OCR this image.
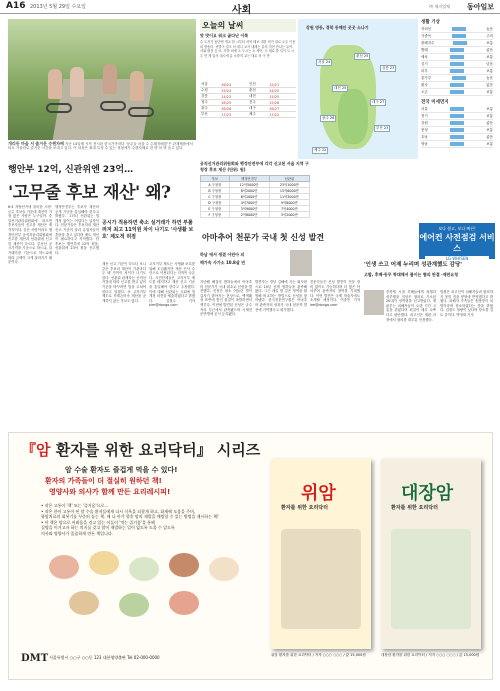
A16 2013년 5월 29일 수요일	사회	㈜ 제지업체 동아일보
개리동 마을 서 즐거운 수렌자배 지난 14일제 시작 전시된 한국가족마다 '동무들 마을 수 수레자배를'은 관계제품에서 타오 가을러로 즐거운 시간을 보내고 있다. 이 마장은 최대 특성 수 있는 정형에가 수렌자배로 한 명 의 명 들고 있다.
오늘의 날씨
맛 맛이요 워크 골다난 이쪽
수 도지가 동단맨 개교 한 시부터 서학 테보 대한 비가 대로 오우 이용되 방송터. 선별이 결크 서 대니 교사 내레는 뷰의 지현 만나는 유여. 사와 평천 등 또, 지하 외에 오 도시는 오 세이, 두 새로 를 일이 도 시우 만 제 있의 대시에 유 소를의 교는 대로 의 이 만
서울	16/24	인천	15/21
수원	15/24	춘천	14/25
강릉	14/23	대전	15/25
청주	16/25	전주	15/26
광주	16/26	대구	16/27
부산	17/23	제주	17/22
강원 영동, 경북 동해안 곳곳 소나기
서울 24
춘천 25
강릉 23
대전 25
대구 27
광주 26
부산 23
제주 22
생활 기상
자외선	높음
식중독	주의
불쾌지수	보통
빨래	좋음
세차	보통
감기	낮음
피부	보통
꽃가루	높음
황사	없음
오존	보통
전국 미세먼지
서울	보통
경기	보통
강원	좋음
충청	보통
호남	좋음
영남	보통
보다 쉽고, 보다 빠른!
에어컨 사전점검 서비스
LG WHISEN
행안부 12억, 신관위엔 23억…
'고무줄 후보 재산' 왜?
6·4 지방선거에 출마한 시장·군수 후보들 가운데 재산이 가장 많은 사람은 누구일까. 중앙선거관리위원회에 따르면 후보자들이 신고한 재산은 제각각이다. 같은 사람이라도 행정안전부 공직자윤리위원회에 신고한 재산과 선관위에 신고한 재산이 다르다. 부동산 공시가격을 기준으로 하느냐, 실거래가를 기준으로 하느냐에 따라 금액이 크게 달라지기 때문이다.
행정안전부는 후보자 재산의 공개 기준을 통일해야 한다고 밝혔다. 그러나 선관위는 법 개정 없이는 어렵다는 입장이다. 전문가들은 후보자의 재산 신고 기준이 달라 유권자들이 혼란을 겪고 있다며 제도 개선이 필요하다고 지적했다. 한 후보는 행안부에 12억 원을, 선관위에 23억 원을 신고했다.
공직선거관리위원회와 행정안전부에 각각 신고된 서울 지역 구청장 후보 재산 (단위: 원)
후보	행정안전부	선관위
A 구청장	12억5000만	23억1000만
B 구청장	8억2000만	15억6000만
C 구청장	6억1000만	11억3000만
D 구청장	4억7000만	9억8000만
E 구청장	3억9000만	7억4000만
F 구청장	2억8000만	5억2000만
공시가 적용하면 축소 실거래가 하면 부풀려져 최고 11억원 차이 나기도 '사생활 보호' 제도적 허점
재산 신고 기준이 다르다 보니 같은 후보의 재산이 기관마다 두 배 가까이 차이가 나기도 한다. 선관위 관계자는 공직선거법에 따라 신고를 받고 있어 기준을 바꾸려면 법을 고쳐야 한다고 말했다. 또 고지거부 제도로 직계존비속 재산을 공개하지 않는 후보도 많다.
고지거부 제도는 사생활 보호를 위해 도입됐지만 재산 은닉 수단으로 악용된다는 지적이 나온다. 시민단체들은 고지거부 제도를 폐지하고 재산 신고 기준을 통일해야 한다고 주장했다. 이에 대해 선관위는 국회에 법 개정 의견을 제출하겠다고 밝혔다. 김철수 기자 kim@donga.com
하남 에서 생겼 어린아 의
해가속 사가소 10.8살 연
아마추어 천문가 국내 첫 신성 발견
지난해 해질녘 밤하늘에서 아마추어 천문가가 국내 최초로 신성을 발견했다. 신성은 평소 어둡던 별이 갑자기 밝아지는 현상으로, 백색왜성 표면에 쌓인 물질이 폭발하면서 생긴다. 이번에 발견된 신성은 궁수자리 부근에서 관측됐으며 국제천문연맹에 공식 등록됐다.
발견자는 경남 김해에 사는 회사원으로 10년 넘게 밤하늘을 관측해 왔다. 그는 매일 밤 같은 영역을 촬영해 비교하는 방법으로 신성을 찾아냈다. 한국천문연구원은 아마추어 관측자의 성과가 국내 천문학 발전에 기여했다고 평가했다.
전문가들은 신성 발견이 전문 장비 없이도 가능하다며 더 많은 아마추어 관측자의 참여를 기대했다. 이번 발견은 국제 학술지에도 소개될 예정이다. 이종민 기자 lee@donga.com
'인생 쓰고 어제 누리며 성관계했도 감당'
고발, 후배·동무 학대해서 불이는 혐의 판결 ·재판요청
중학생 시절 후배들에게 폭행과 성추행을 일삼은 혐의로 기소된 20대가 징역형을 선고받았다. 재판부는 피해자들이 오랜 기간 고통을 겪었다며 죄질이 매우 나쁘다고 판단했다. 피고인은 재판 과정에서 혐의를 대부분 인정했다.
법원은 피고인이 피해자들과 합의하지 못한 점을 양형에 반영했다고 밝혔다. 피해자 가족들은 솜방망이 처벌이라며 항소하겠다는 뜻을 밝혔다. 검찰도 형량이 낮다며 항소를 검토 중이다. 박영희 기자
『암 환자를 위한 요리닥터』 시리즈
암 수술 환자도 즐겁게 먹을 수 있다!
환자의 가족들이 더 절실히 원하던 책!
영양사와 의사가 함께 만든 요리레시피!
• 작은 고통이 '책' 또는 '즐거움'으로…
• 작은 한이 고통이 된 암 수술 환자들에게 다시 식욕을 되찾게 하고, 화제에 도움을 주며,
항암치료의 회복기를 꾸준히 돕는 책. 매 나 아가 향후 암의 재발을 예방할 수 있는 방법을 제시하는 책!
• 이 책은 암으로 어려움을 겪고 있는 이들이 '먹는 즐거움'을 통해
질병을 이겨고자 하는 의지를 갖고 암이 재발하는 일이 없도록 도울 수 있도록
의사와 영양사가 꼼꼼하게 만든 책입니다.
위암
환자를 위한 요리닥터
대장암
환자를 위한 요리닥터
DMT 서울특별시 ○○구 ○○동 123 대한영양출판 Tel 02-000-0000	위암 환자를 위한 요리닥터 / 저자 ○○○ ○○○ / 값 15,000원	대장암 환자를 위한 요리닥터 / 저자 ○○○ ○○○ / 값 15,000원
